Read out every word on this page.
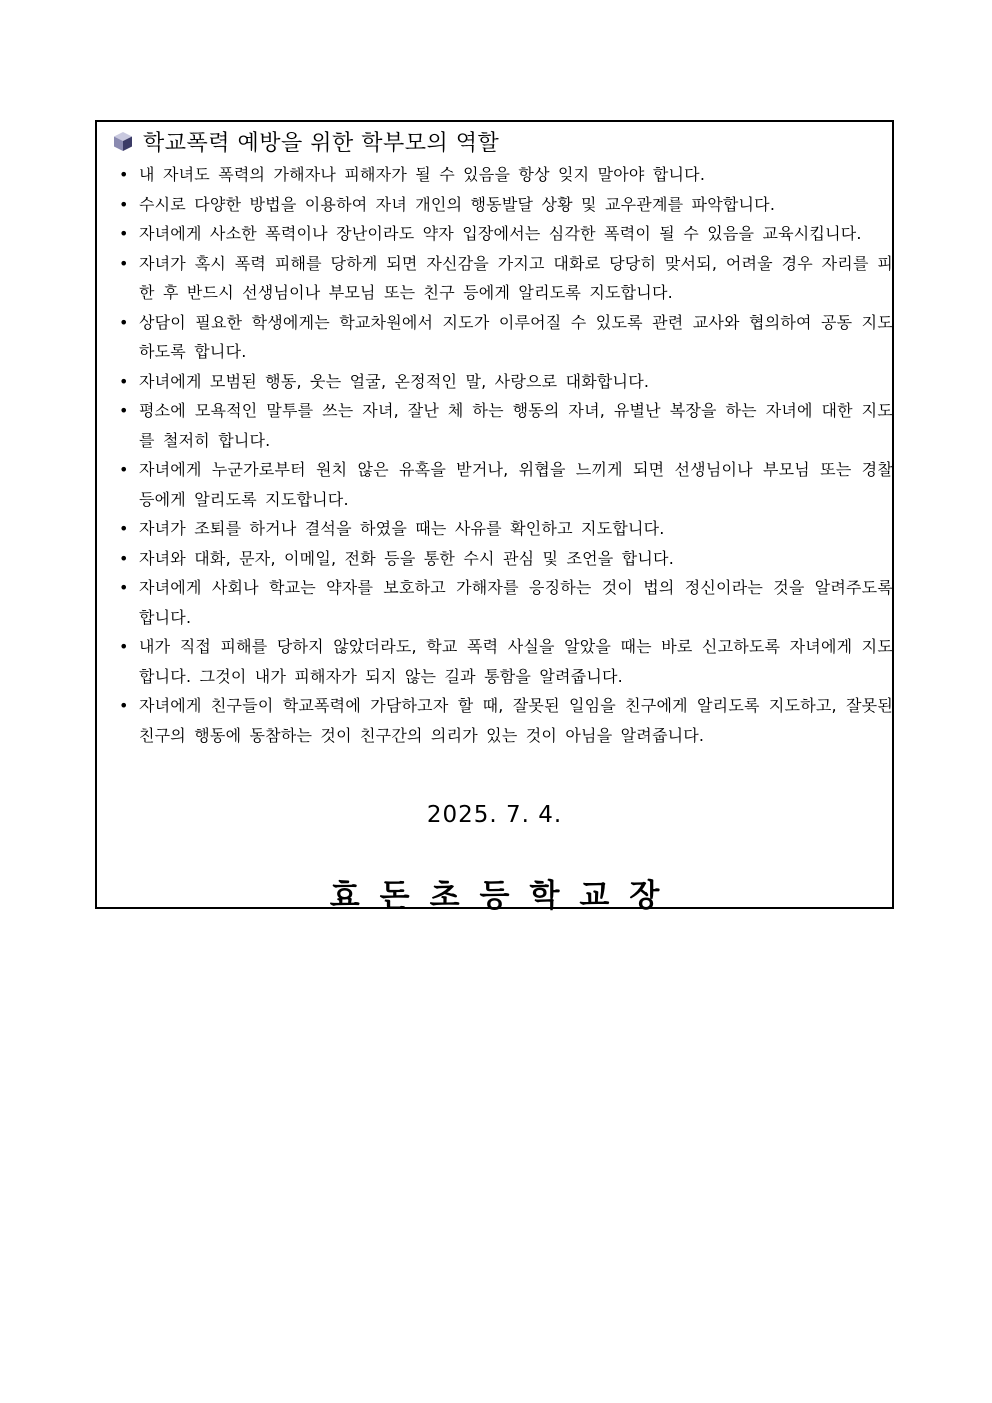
학교폭력 예방을 위한 학부모의 역할
• 내 자녀도 폭력의 가해자나 피해자가 될 수 있음을 항상 잊지 말아야 합니다.
• 수시로 다양한 방법을 이용하여 자녀 개인의 행동발달 상황 및 교우관계를 파악합니다.
• 자녀에게 사소한 폭력이나 장난이라도 약자 입장에서는 심각한 폭력이 될 수 있음을 교육시킵니다.
• 자녀가 혹시 폭력 피해를 당하게 되면 자신감을 가지고 대화로 당당히 맞서되, 어려울 경우 자리를 피한 후 반드시 선생님이나 부모님 또는 친구 등에게 알리도록 지도합니다.
• 상담이 필요한 학생에게는 학교차원에서 지도가 이루어질 수 있도록 관련 교사와 협의하여 공동 지도하도록 합니다.
• 자녀에게 모범된 행동, 웃는 얼굴, 온정적인 말, 사랑으로 대화합니다.
• 평소에 모욕적인 말투를 쓰는 자녀, 잘난 체 하는 행동의 자녀, 유별난 복장을 하는 자녀에 대한 지도를 철저히 합니다.
• 자녀에게 누군가로부터 원치 않은 유혹을 받거나, 위협을 느끼게 되면 선생님이나 부모님 또는 경찰 등에게 알리도록 지도합니다.
• 자녀가 조퇴를 하거나 결석을 하였을 때는 사유를 확인하고 지도합니다.
• 자녀와 대화, 문자, 이메일, 전화 등을 통한 수시 관심 및 조언을 합니다.
• 자녀에게 사회나 학교는 약자를 보호하고 가해자를 응징하는 것이 법의 정신이라는 것을 알려주도록 합니다.
• 내가 직접 피해를 당하지 않았더라도, 학교 폭력 사실을 알았을 때는 바로 신고하도록 자녀에게 지도합니다. 그것이 내가 피해자가 되지 않는 길과 통함을 알려줍니다.
• 자녀에게 친구들이 학교폭력에 가담하고자 할 때, 잘못된 일임을 친구에게 알리도록 지도하고, 잘못된 친구의 행동에 동참하는 것이 친구간의 의리가 있는 것이 아님을 알려줍니다.
2025. 7. 4.
효돈초등학교장
